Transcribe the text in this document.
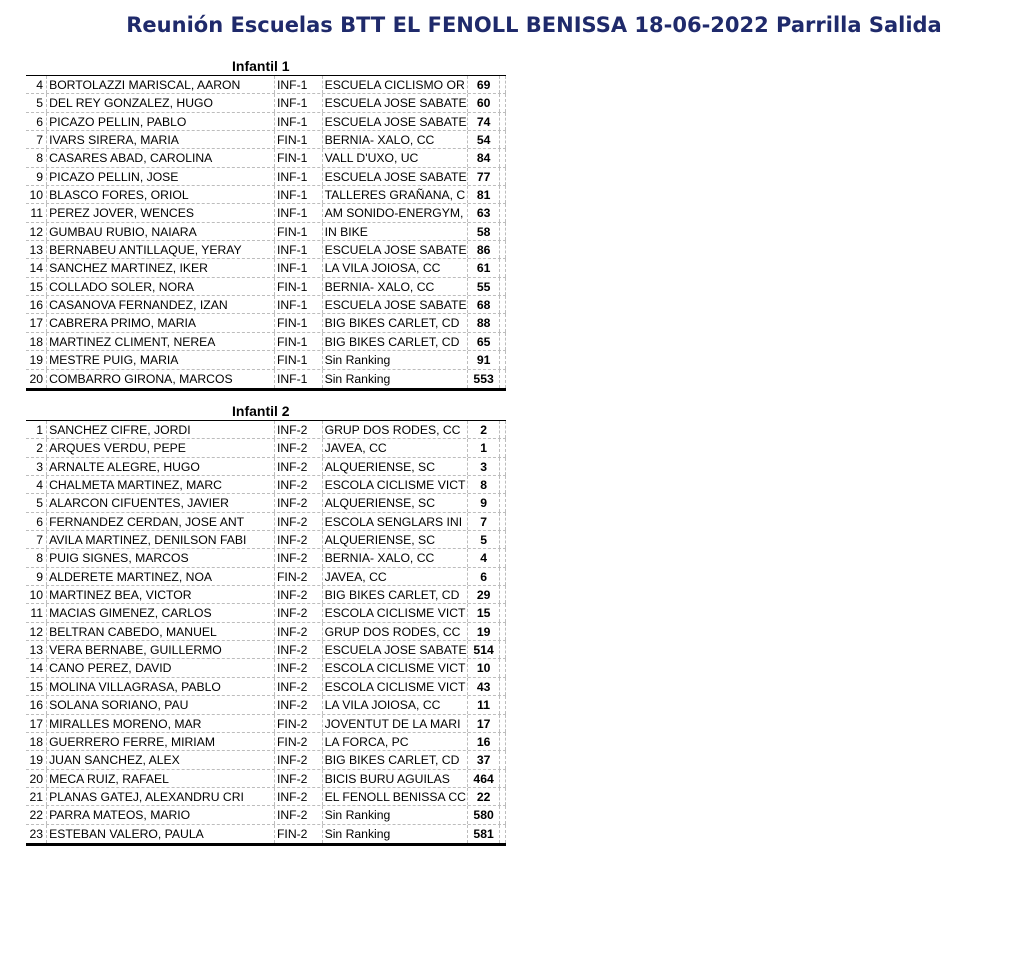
Reunión Escuelas BTT EL FENOLL BENISSA 18-06-2022 Parrilla Salida
Infantil 1
4 BORTOLAZZI MARISCAL, AARON	INF-1	ESCUELA CICLISMO OR 69
5 DEL REY GONZALEZ, HUGO	INF-1	ESCUELA JOSE SABATE 60
6 PICAZO PELLIN, PABLO	INF-1	ESCUELA JOSE SABATE 74
7 IVARS SIRERA, MARIA	FIN-1	BERNIA- XALO, CC	54
8 CASARES ABAD, CAROLINA	FIN-1	VALL D'UXO, UC	84
9 PICAZO PELLIN, JOSE	INF-1	ESCUELA JOSE SABATE 77
10 BLASCO FORES, ORIOL	INF-1	TALLERES GRAÑANA, C 81
11 PEREZ JOVER, WENCES	INF-1	AM SONIDO-ENERGYM,	63
12 GUMBAU RUBIO, NAIARA	FIN-1	IN BIKE	58
13 BERNABEU ANTILLAQUE, YERAY	INF-1	ESCUELA JOSE SABATE 86
14 SANCHEZ MARTINEZ, IKER	INF-1	LA VILA JOIOSA, CC	61
15 COLLADO SOLER, NORA	FIN-1	BERNIA- XALO, CC	55
16 CASANOVA FERNANDEZ, IZAN	INF-1	ESCUELA JOSE SABATE 68
17 CABRERA PRIMO, MARIA	FIN-1	BIG BIKES CARLET, CD	88
18 MARTINEZ CLIMENT, NEREA	FIN-1	BIG BIKES CARLET, CD	65
19 MESTRE PUIG, MARIA	FIN-1	Sin Ranking	91
20 COMBARRO GIRONA, MARCOS	INF-1	Sin Ranking	553
Infantil 2
1 SANCHEZ CIFRE, JORDI	INF-2	GRUP DOS RODES, CC	2
2 ARQUES VERDU, PEPE	INF-2	JAVEA, CC	1
3 ARNALTE ALEGRE, HUGO	INF-2	ALQUERIENSE, SC	3
4 CHALMETA MARTINEZ, MARC	INF-2	ESCOLA CICLISME VICT	8
5 ALARCON CIFUENTES, JAVIER	INF-2	ALQUERIENSE, SC	9
6 FERNANDEZ CERDAN, JOSE ANT	INF-2	ESCOLA SENGLARS INI	7
7 AVILA MARTINEZ, DENILSON FABI	INF-2	ALQUERIENSE, SC	5
8 PUIG SIGNES, MARCOS	INF-2	BERNIA- XALO, CC	4
9 ALDERETE MARTINEZ, NOA	FIN-2	JAVEA, CC	6
10 MARTINEZ BEA, VICTOR	INF-2	BIG BIKES CARLET, CD	29
11 MACIAS GIMENEZ, CARLOS	INF-2	ESCOLA CICLISME VICT 15
12 BELTRAN CABEDO, MANUEL	INF-2	GRUP DOS RODES, CC	19
13 VERA BERNABE, GUILLERMO	INF-2	ESCUELA JOSE SABATE 514
14 CANO PEREZ, DAVID	INF-2	ESCOLA CICLISME VICT 10
15 MOLINA VILLAGRASA, PABLO	INF-2	ESCOLA CICLISME VICT 43
16 SOLANA SORIANO, PAU	INF-2	LA VILA JOIOSA, CC	11
17 MIRALLES MORENO, MAR	FIN-2	JOVENTUT DE LA MARI	17
18 GUERRERO FERRE, MIRIAM	FIN-2	LA FORCA, PC	16
19 JUAN SANCHEZ, ALEX	INF-2	BIG BIKES CARLET, CD	37
20 MECA RUIZ, RAFAEL	INF-2	BICIS BURU AGUILAS	464
21 PLANAS GATEJ, ALEXANDRU CRI	INF-2	EL FENOLL BENISSA CC 22
22 PARRA MATEOS, MARIO	INF-2	Sin Ranking	580
23 ESTEBAN VALERO, PAULA	FIN-2	Sin Ranking	581
